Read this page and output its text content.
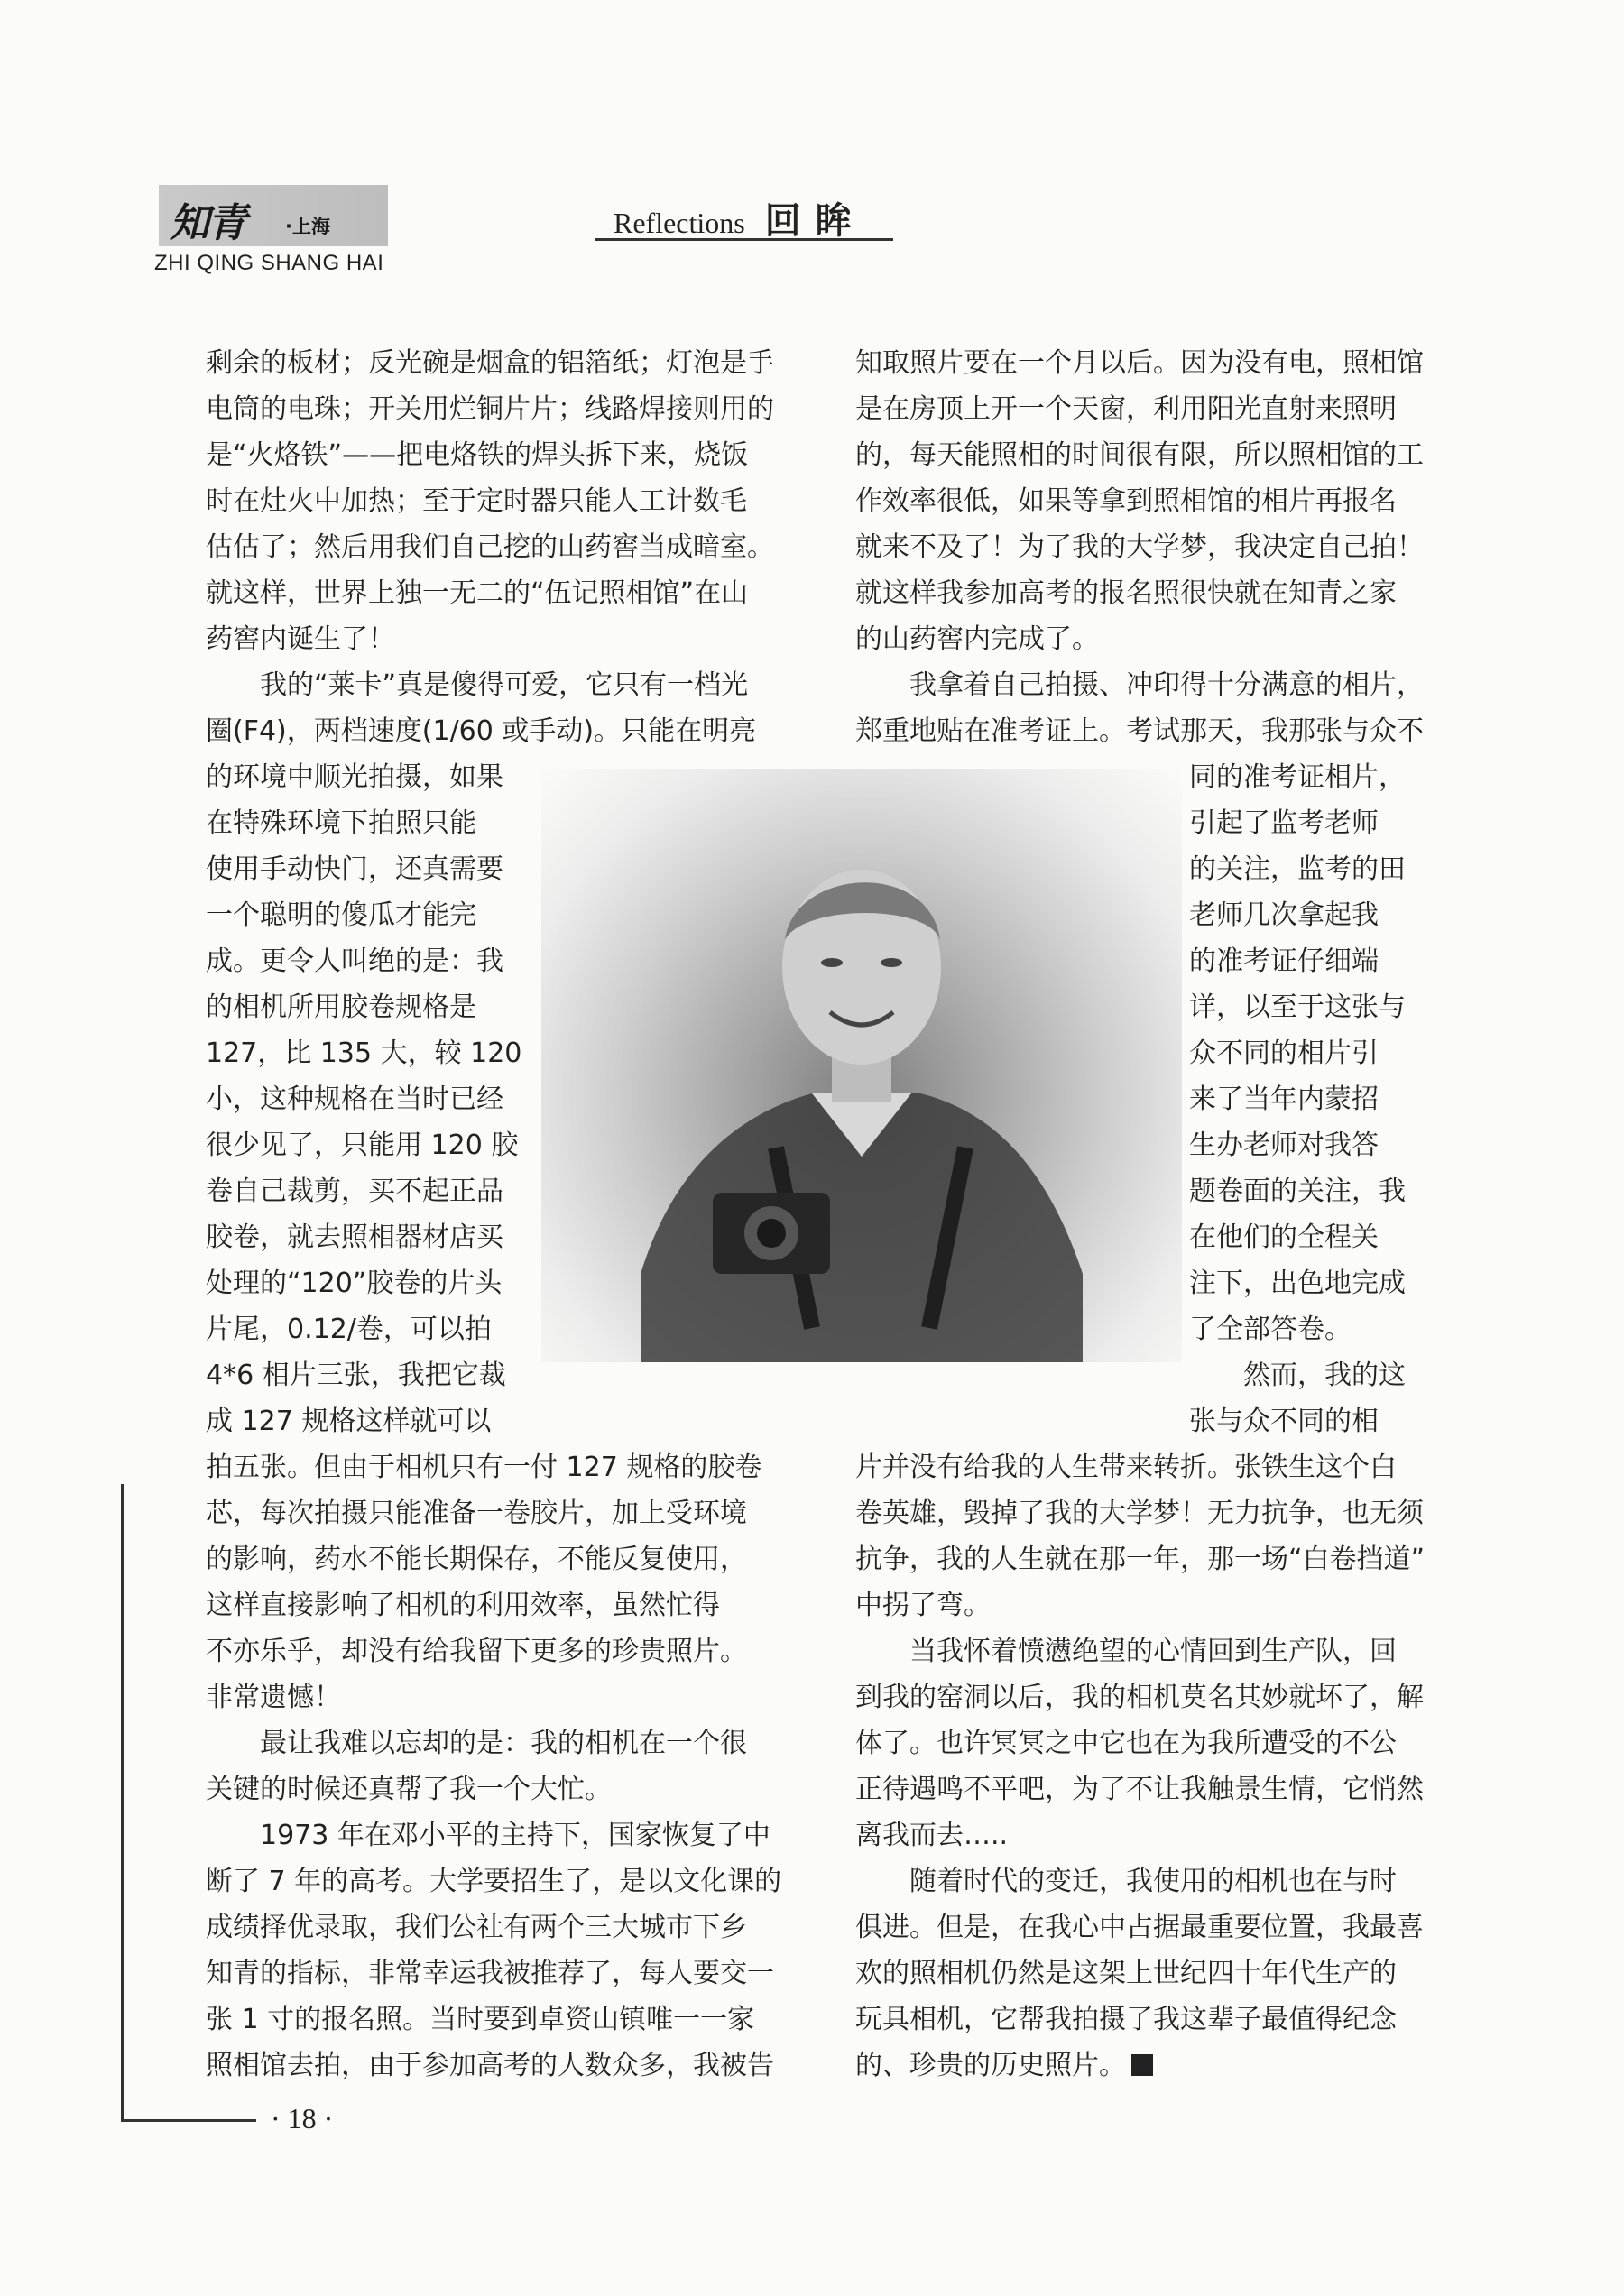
知青 ·上海
ZHI QING SHANG HAI
Reflections 回眸
剩余的板材；反光碗是烟盒的铝箔纸；灯泡是手
电筒的电珠；开关用烂铜片片；线路焊接则用的
是“火烙铁”——把电烙铁的焊头拆下来，烧饭
时在灶火中加热；至于定时器只能人工计数毛
估估了；然后用我们自己挖的山药窖当成暗室。
就这样，世界上独一无二的“伍记照相馆”在山
药窖内诞生了！
我的“莱卡”真是傻得可爱，它只有一档光
圈(F4)，两档速度(1/60 或手动)。只能在明亮
的环境中顺光拍摄，如果
在特殊环境下拍照只能
使用手动快门，还真需要
一个聪明的傻瓜才能完
成。更令人叫绝的是：我
的相机所用胶卷规格是
127，比 135 大，较 120
小，这种规格在当时已经
很少见了，只能用 120 胶
卷自己裁剪，买不起正品
胶卷，就去照相器材店买
处理的“120”胶卷的片头
片尾，0.12/卷，可以拍
4*6 相片三张，我把它裁
成 127 规格这样就可以
拍五张。但由于相机只有一付 127 规格的胶卷
芯，每次拍摄只能准备一卷胶片，加上受环境
的影响，药水不能长期保存，不能反复使用，
这样直接影响了相机的利用效率，虽然忙得
不亦乐乎，却没有给我留下更多的珍贵照片。
非常遗憾！
最让我难以忘却的是：我的相机在一个很
关键的时候还真帮了我一个大忙。
1973 年在邓小平的主持下，国家恢复了中
断了 7 年的高考。大学要招生了，是以文化课的
成绩择优录取，我们公社有两个三大城市下乡
知青的指标，非常幸运我被推荐了，每人要交一
张 1 寸的报名照。当时要到卓资山镇唯一一家
照相馆去拍，由于参加高考的人数众多，我被告
知取照片要在一个月以后。因为没有电，照相馆
是在房顶上开一个天窗，利用阳光直射来照明
的，每天能照相的时间很有限，所以照相馆的工
作效率很低，如果等拿到照相馆的相片再报名
就来不及了！为了我的大学梦，我决定自己拍！
就这样我参加高考的报名照很快就在知青之家
的山药窖内完成了。
我拿着自己拍摄、冲印得十分满意的相片，
郑重地贴在准考证上。考试那天，我那张与众不
同的准考证相片，
引起了监考老师
的关注，监考的田
老师几次拿起我
的准考证仔细端
详，以至于这张与
众不同的相片引
来了当年内蒙招
生办老师对我答
题卷面的关注，我
在他们的全程关
注下，出色地完成
了全部答卷。
然而，我的这
张与众不同的相
片并没有给我的人生带来转折。张铁生这个白
卷英雄，毁掉了我的大学梦！无力抗争，也无须
抗争，我的人生就在那一年，那一场“白卷挡道”
中拐了弯。
当我怀着愤懑绝望的心情回到生产队，回
到我的窑洞以后，我的相机莫名其妙就坏了，解
体了。也许冥冥之中它也在为我所遭受的不公
正待遇鸣不平吧，为了不让我触景生情，它悄然
离我而去…..
随着时代的变迁，我使用的相机也在与时
俱进。但是，在我心中占据最重要位置，我最喜
欢的照相机仍然是这架上世纪四十年代生产的
玩具相机，它帮我拍摄了我这辈子最值得纪念
的、珍贵的历史照片。
· 18 ·
